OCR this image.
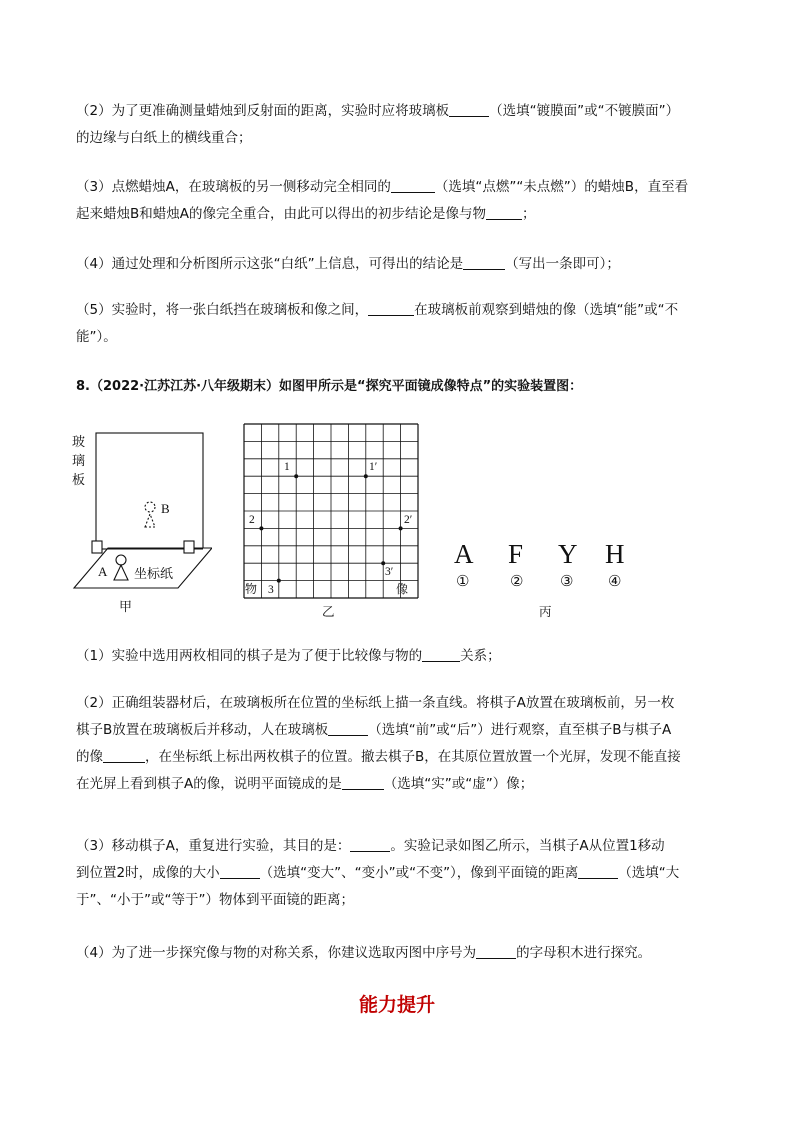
（2）为了更准确测量蜡烛到反射面的距离，实验时应将玻璃板	（选填“镀膜面”或“不镀膜面”）
的边缘与白纸上的横线重合；
（3）点燃蜡烛A，在玻璃板的另一侧移动完全相同的	（选填“点燃”“未点燃”）的蜡烛B，直至看
起来蜡烛B和蜡烛A的像完全重合，由此可以得出的初步结论是像与物	；
（4）通过处理和分析图所示这张“白纸”上信息，可得出的结论是	（写出一条即可）；
（5）实验时，将一张白纸挡在玻璃板和像之间，	在玻璃板前观察到蜡烛的像（选填“能”或“不
能”）。
8.（2022·江苏江苏·八年级期末）如图甲所示是“探究平面镜成像特点”的实验装置图：
玻
璃
板
B
A 坐标纸
甲
1	1′
2	2′
3
3′
物	像
乙
A F Y H
①	② ③ ④
丙
（1）实验中选用两枚相同的棋子是为了便于比较像与物的	关系；
（2）正确组装器材后，在玻璃板所在位置的坐标纸上描一条直线。将棋子A放置在玻璃板前，另一枚
棋子B放置在玻璃板后并移动，人在玻璃板	（选填“前”或“后”）进行观察，直至棋子B与棋子A
的像	，在坐标纸上标出两枚棋子的位置。撤去棋子B，在其原位置放置一个光屏，发现不能直接
在光屏上看到棋子A的像，说明平面镜成的是	（选填“实”或“虚”）像；
（3）移动棋子A，重复进行实验，其目的是：	。实验记录如图乙所示，当棋子A从位置1移动
到位置2时，成像的大小	（选填“变大”、“变小”或“不变”），像到平面镜的距离	（选填“大
于”、“小于”或“等于”）物体到平面镜的距离；
（4）为了进一步探究像与物的对称关系，你建议选取丙图中序号为	的字母积木进行探究。
能力提升
